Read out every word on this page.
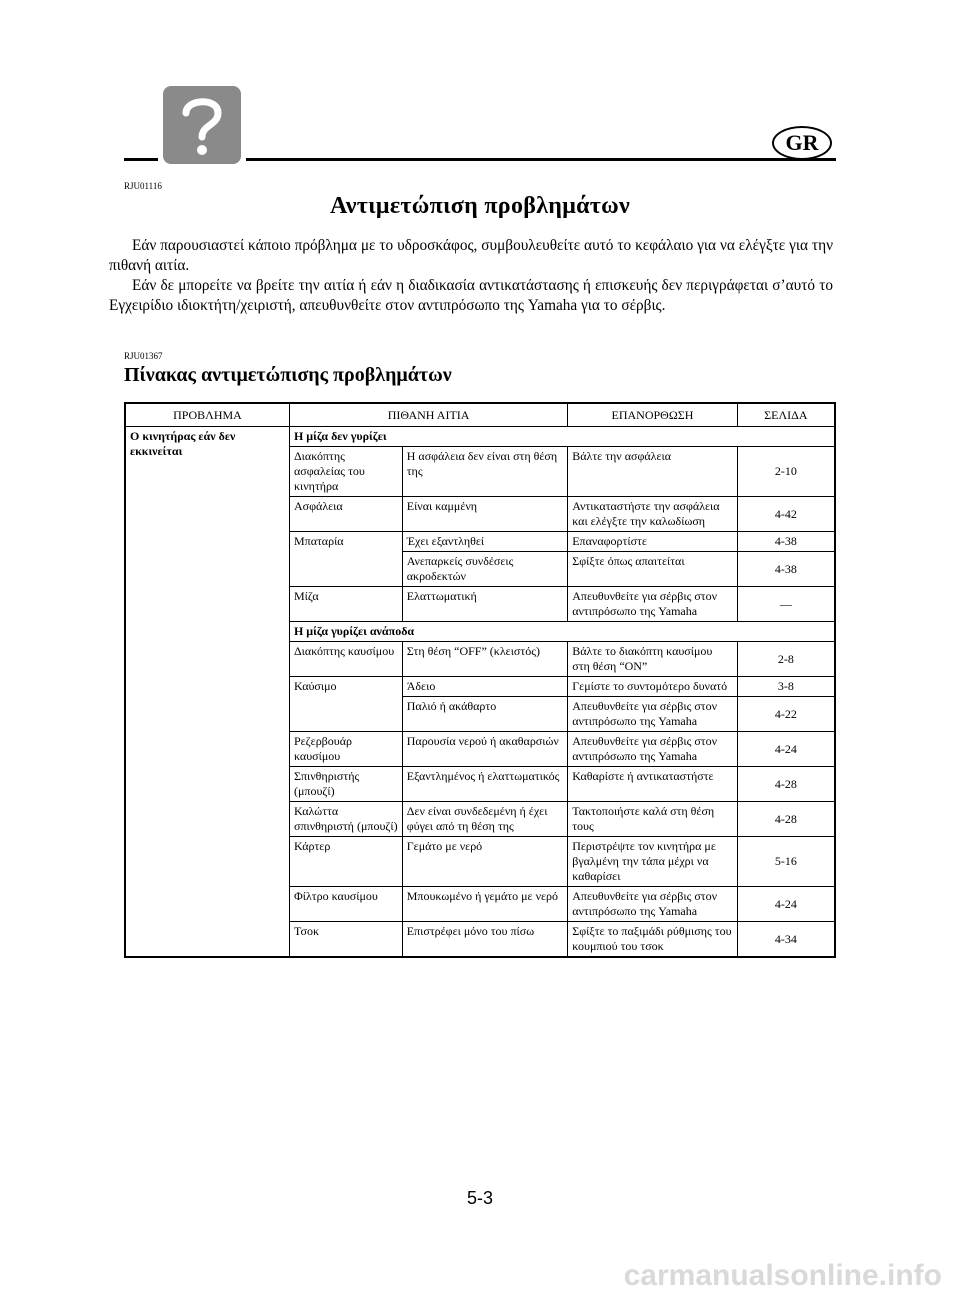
GR
RJU01116
Αντιμετώπιση προβλημάτων
Εάν παρουσιαστεί κάποιο πρόβλημα με το υδροσκάφος, συμβουλευθείτε αυτό το κεφάλαιο για να ελέγξτε για την πιθανή αιτία.
Εάν δε μπορείτε να βρείτε την αιτία ή εάν η διαδικασία αντικατάστασης ή επισκευής δεν περιγράφεται σ’αυτό το Εγχειρίδιο ιδιοκτήτη/χειριστή, απευθυνθείτε στον αντιπρόσωπο της Yamaha για το σέρβις.
RJU01367
Πίνακας αντιμετώπισης προβλημάτων
ΠΡΟΒΛΗΜΑ	ΠΙΘΑΝΗ ΑΙΤΙΑ		ΕΠΑΝΟΡΘΩΣΗ	ΣΕΛΙΔΑ
Ο κινητήρας εάν δεν εκκινείται	Η μίζα δεν γυρίζει			
	Διακόπτης ασφαλείας του κινητήρα	Η ασφάλεια δεν είναι στη θέση της	Βάλτε την ασφάλεια	2-10
	Ασφάλεια	Είναι καμμένη	Αντικαταστήστε την ασφάλεια και ελέγξτε την καλωδίωση	4-42
	Μπαταρία	Έχει εξαντληθεί	Επαναφορτίστε	4-38
		Ανεπαρκείς συνδέσεις ακροδεκτών	Σφίξτε όπως απαιτείται	4-38
	Μίζα	Ελαττωματική	Απευθυνθείτε για σέρβις στον αντιπρόσωπο της Yamaha	—
	Η μίζα γυρίζει ανάποδα			
	Διακόπτης καυσίμου	Στη θέση “OFF” (κλειστός)	Βάλτε το διακόπτη καυσίμου στη θέση “ON”	2-8
	Καύσιμο	Άδειο	Γεμίστε το συντομότερο δυνατό	3-8
		Παλιό ή ακάθαρτο	Απευθυνθείτε για σέρβις στον αντιπρόσωπο της Yamaha	4-22
	Ρεζερβουάρ καυσίμου	Παρουσία νερού ή ακαθαρσιών	Απευθυνθείτε για σέρβις στον αντιπρόσωπο της Yamaha	4-24
	Σπινθηριστής (μπουζί)	Εξαντλημένος ή ελαττωματικός	Καθαρίστε ή αντικαταστήστε	4-28
	Καλώττα σπινθηριστή (μπουζί)	Δεν είναι συνδεδεμένη ή έχει φύγει από τη θέση της	Τακτοποιήστε καλά στη θέση τους	4-28
	Κάρτερ	Γεμάτο με νερό	Περιστρέψτε τον κινητήρα με βγαλμένη την τάπα μέχρι να καθαρίσει	5-16
	Φίλτρο καυσίμου	Μπουκωμένο ή γεμάτο με νερό	Απευθυνθείτε για σέρβις στον αντιπρόσωπο της Yamaha	4-24
	Τσοκ	Επιστρέφει μόνο του πίσω	Σφίξτε το παξιμάδι ρύθμισης του κουμπιού του τσοκ	4-34
5-3
carmanualsonline.info
